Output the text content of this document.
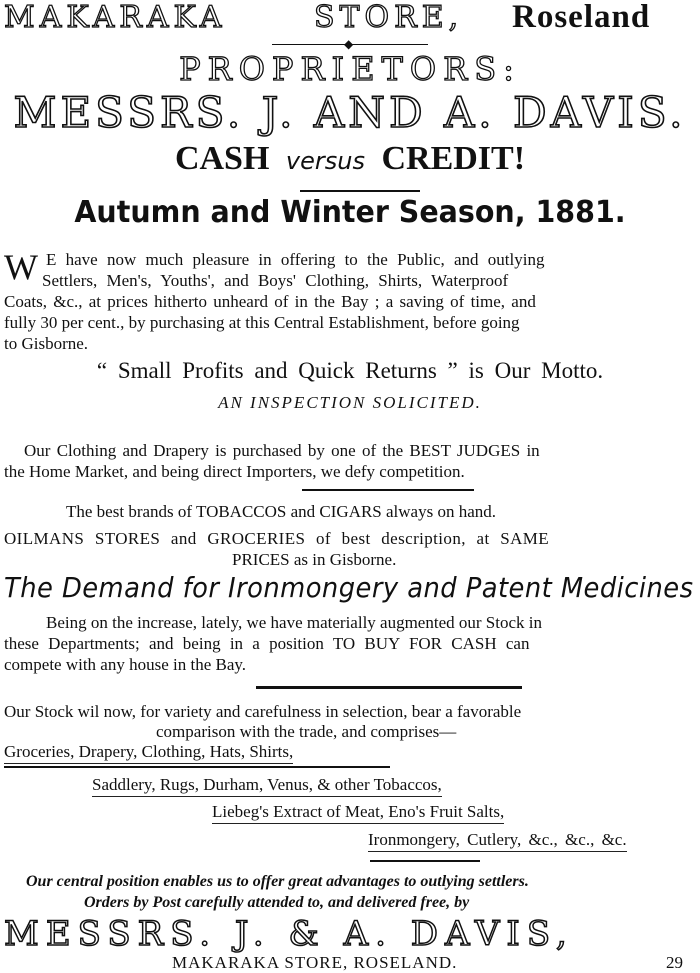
MAKARAKA	STORE, Roseland
◆
PROPRIETORS:
MESSRS. J. AND A. DAVIS.
CASH versus CREDIT!
Autumn and Winter Season, 1881.
W E have now much pleasure in offering to the Public, and outlying
Settlers, Men's, Youths', and Boys' Clothing, Shirts, Waterproof
Coats, &c., at prices hitherto unheard of in the Bay ; a saving of time, and
fully 30 per cent., by purchasing at this Central Establishment, before going
to Gisborne.
“ Small Profits and Quick Returns ” is Our Motto.
AN INSPECTION SOLICITED.
Our Clothing and Drapery is purchased by one of the BEST JUDGES in
the Home Market, and being direct Importers, we defy competition.
The best brands of TOBACCOS and CIGARS always on hand.
OILMANS STORES and GROCERIES of best description, at SAME
PRICES as in Gisborne.
The Demand for Ironmongery and Patent Medicines
Being on the increase, lately, we have materially augmented our Stock in
these Departments; and being in a position TO BUY FOR CASH can
compete with any house in the Bay.
Our Stock wil now, for variety and carefulness in selection, bear a favorable
comparison with the trade, and comprises—
Groceries, Drapery, Clothing, Hats, Shirts,
Saddlery, Rugs, Durham, Venus, & other Tobaccos,
Liebeg's Extract of Meat, Eno's Fruit Salts,
Ironmongery, Cutlery, &c., &c., &c.
Our central position enables us to offer great advantages to outlying settlers.
Orders by Post carefully attended to, and delivered free, by
MESSRS. J. & A. DAVIS,
MAKARAKA STORE, ROSELAND.	29
